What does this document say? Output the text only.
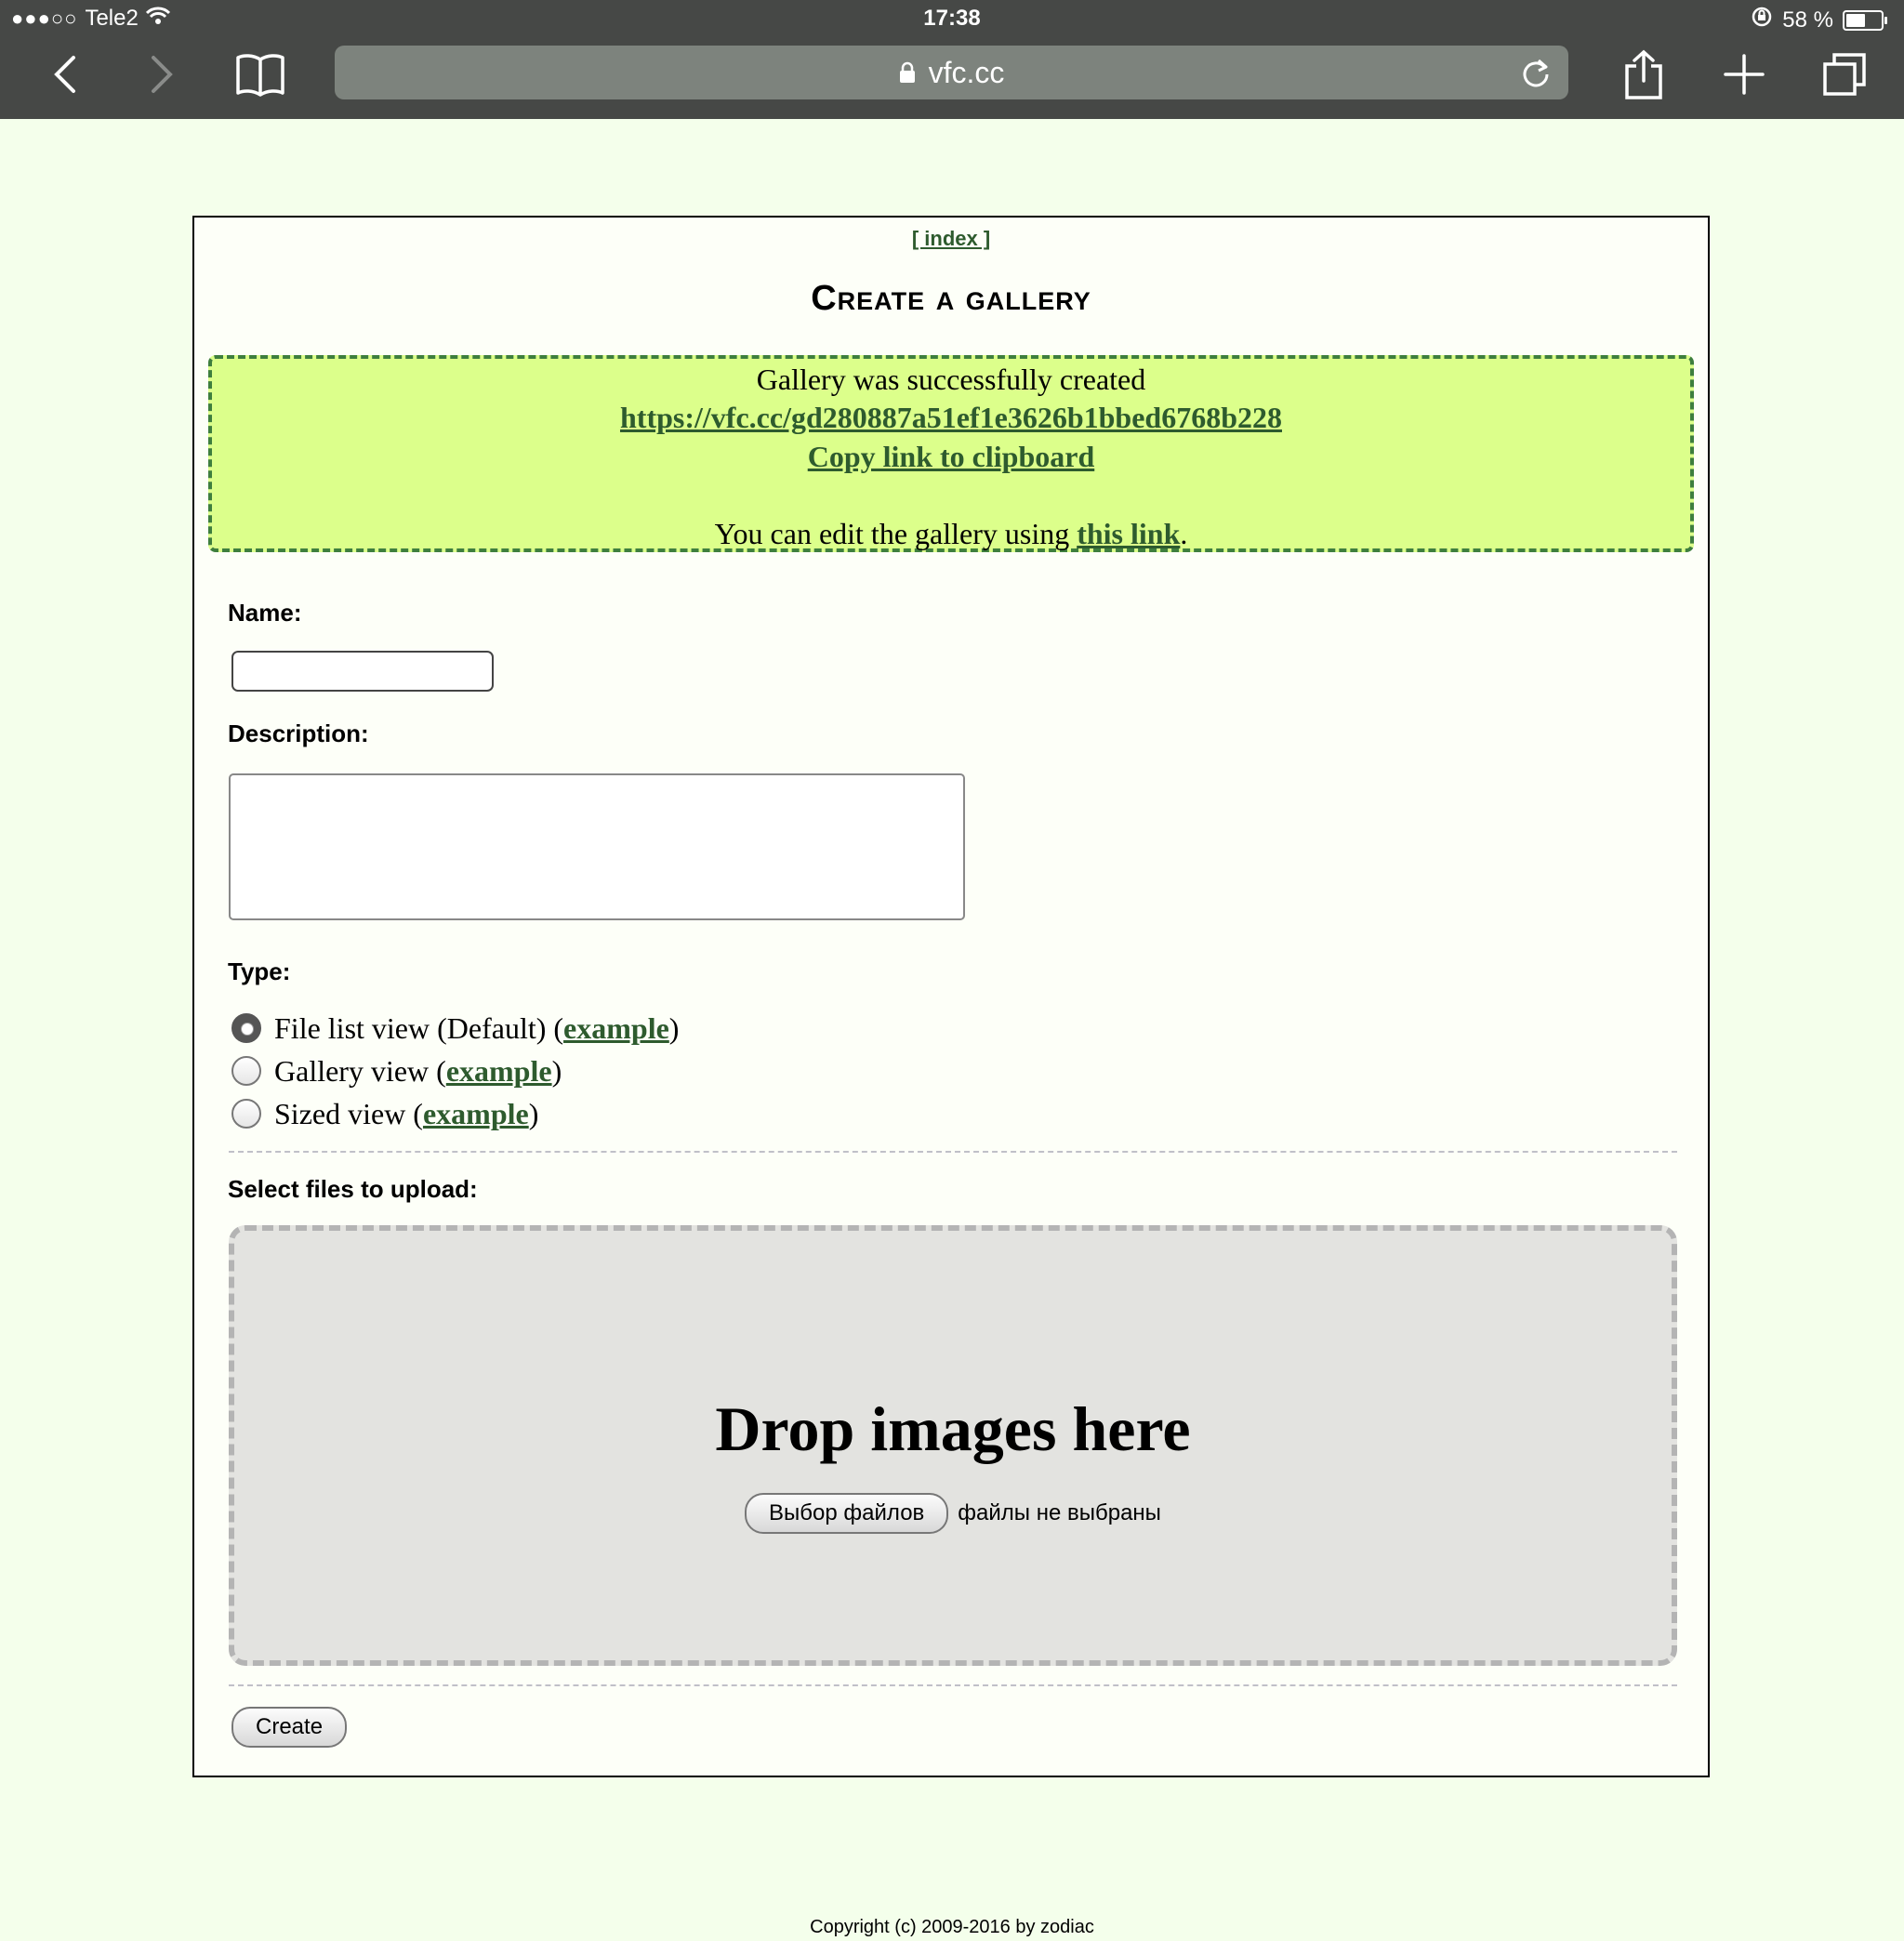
●●●○○ Tele2	17:38	58 %
vfc.cc
[ index ]
Create a gallery
Gallery was successfully created
https://vfc.cc/gd280887a51ef1e3626b1bbed6768b228
Copy link to clipboard
You can edit the gallery using this link.
Name:
Description:
Type:
File list view (Default) ( example )
Gallery view ( example )
Sized view ( example )
Select files to upload:
Drop images here
Выбор файлов	файлы не выбраны
Create
Copyright (c) 2009-2016 by zodiac
